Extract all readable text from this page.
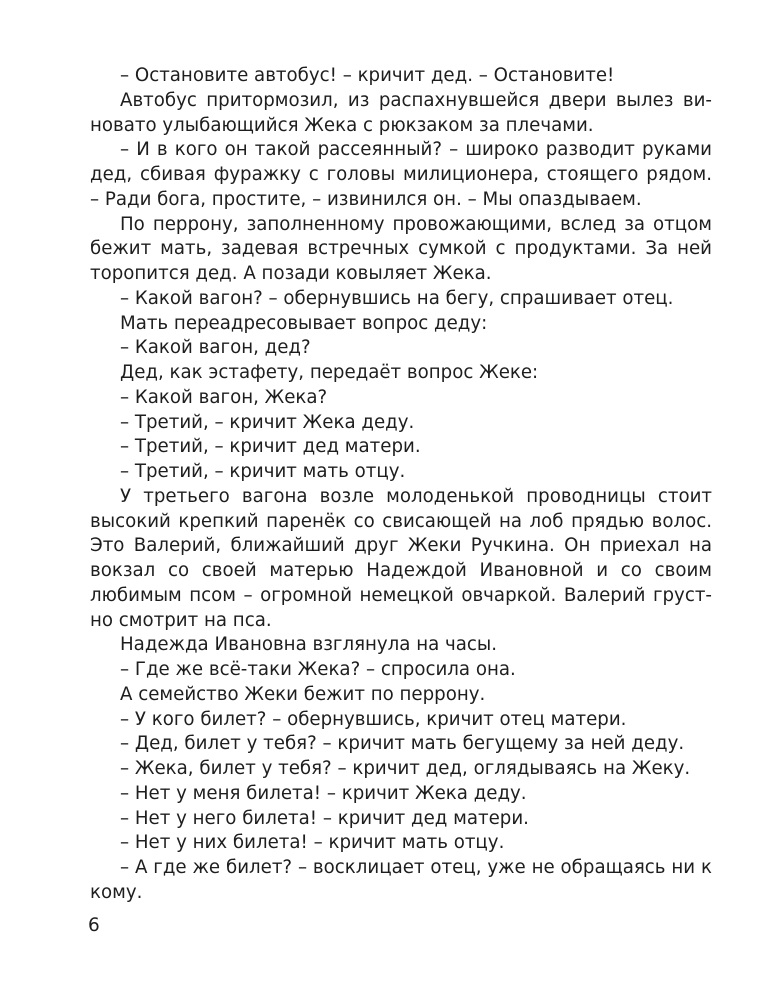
– Остановите автобус! – кричит дед. – Остановите!

Автобус притормозил, из распахнувшейся двери вылез виновато улыбающийся Жека с рюкзаком за плечами.

– И в кого он такой рассеянный? – широко разводит руками дед, сбивая фуражку с головы милиционера, стоящего рядом. – Ради бога, простите, – извинился он. – Мы опаздываем.

По перрону, заполненному провожающими, вслед за отцом бежит мать, задевая встречных сумкой с продуктами. За ней торопится дед. А позади ковыляет Жека.

– Какой вагон? – обернувшись на бегу, спрашивает отец.

Мать переадресовывает вопрос деду:

– Какой вагон, дед?

Дед, как эстафету, передаёт вопрос Жеке:

– Какой вагон, Жека?

– Третий, – кричит Жека деду.

– Третий, – кричит дед матери.

– Третий, – кричит мать отцу.

У третьего вагона возле молоденькой проводницы стоит высокий крепкий паренёк со свисающей на лоб прядью волос. Это Валерий, ближайший друг Жеки Ручкина. Он приехал на вокзал со своей матерью Надеждой Ивановной и со своим любимым псом – огромной немецкой овчаркой. Валерий грустно смотрит на пса.

Надежда Ивановна взглянула на часы.

– Где же всё-таки Жека? – спросила она.

А семейство Жеки бежит по перрону.

– У кого билет? – обернувшись, кричит отец матери.

– Дед, билет у тебя? – кричит мать бегущему за ней деду.

– Жека, билет у тебя? – кричит дед, оглядываясь на Жеку.

– Нет у меня билета! – кричит Жека деду.

– Нет у него билета! – кричит дед матери.

– Нет у них билета! – кричит мать отцу.

– А где же билет? – восклицает отец, уже не обращаясь ни к кому.

6
